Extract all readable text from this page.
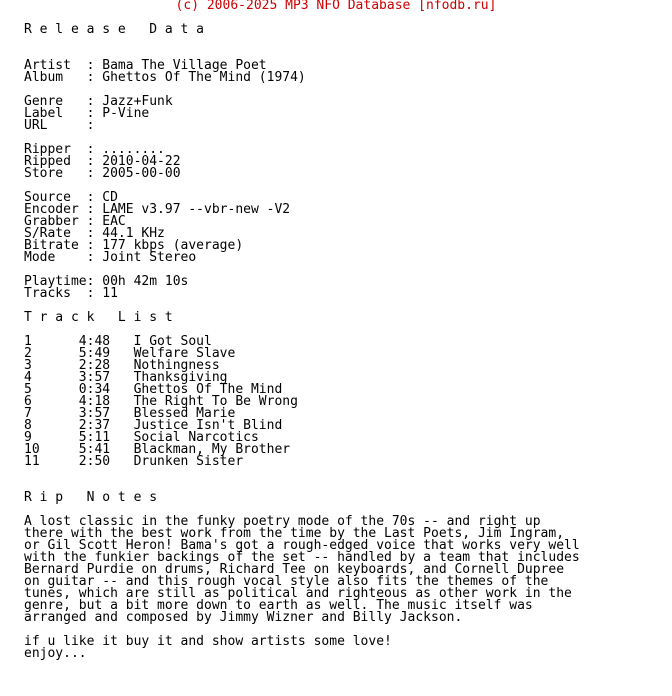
(c) 2006-2025 MP3 NFO Database [nfodb.ru]
R e l e a s e   D a t a
Artist  : Bama The Village Poet
Album   : Ghettos Of The Mind (1974)
Genre   : Jazz+Funk
Label   : P-Vine
URL     :
Ripper  : ........
Ripped  : 2010-04-22
Store   : 2005-00-00
Source  : CD
Encoder : LAME v3.97 --vbr-new -V2
Grabber : EAC
S/Rate  : 44.1 KHz
Bitrate : 177 kbps (average)
Mode    : Joint Stereo
Playtime: 00h 42m 10s
Tracks  : 11
T r a c k   L i s t
1      4:48   I Got Soul
2      5:49   Welfare Slave
3      2:28   Nothingness
4      3:57   Thanksgiving
5      0:34   Ghettos Of The Mind
6      4:18   The Right To Be Wrong
7      3:57   Blessed Marie
8      2:37   Justice Isn't Blind
9      5:11   Social Narcotics
10     5:41   Blackman, My Brother
11     2:50   Drunken Sister
R i p   N o t e s
A lost classic in the funky poetry mode of the 70s -- and right up
there with the best work from the time by the Last Poets, Jim Ingram,
or Gil Scott Heron! Bama's got a rough-edged voice that works very well
with the funkier backings of the set -- handled by a team that includes
Bernard Purdie on drums, Richard Tee on keyboards, and Cornell Dupree
on guitar -- and this rough vocal style also fits the themes of the
tunes, which are still as political and righteous as other work in the
genre, but a bit more down to earth as well. The music itself was
arranged and composed by Jimmy Wizner and Billy Jackson.
if u like it buy it and show artists some love!
enjoy...
